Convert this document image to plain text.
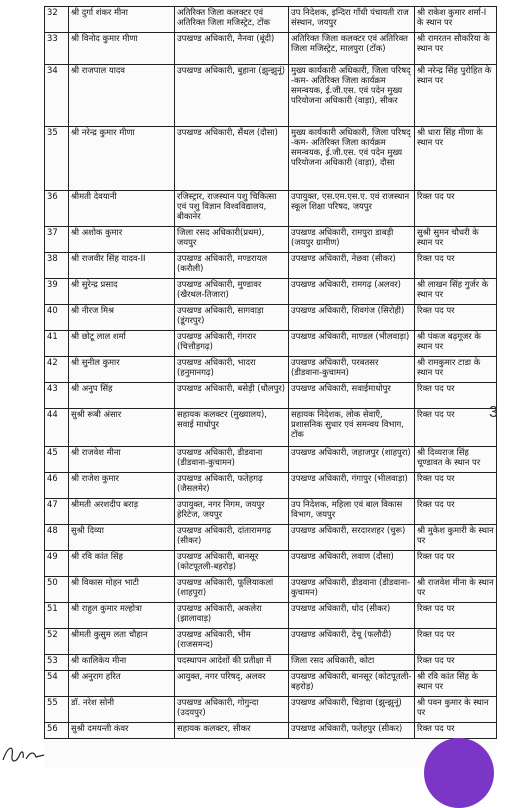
32	श्री दुर्गा शंकर मीना	अतिरिक्त जिला कलक्टर एवं अतिरिक्त जिला मजिस्ट्रेट, टोंक	उप निदेशक, इन्दिरा गाँधी पंचायती राज संस्थान, जयपुर	श्री राकेश कुमार शर्मा-I के स्थान पर
33	श्री विनोद कुमार मीणा	उपखण्ड अधिकारी, नैनवा (बूंदी)	अतिरिक्त जिला कलक्टर एवं अतिरिक्त जिला मजिस्ट्रेट, मालपुरा (टोंक)	श्री रामरतन सौकरिया के स्थान पर
34	श्री राजपाल यादव	उपखण्ड अधिकारी, बुहाना (झुन्झुनूं)	मुख्य कार्यकारी अधिकारी, जिला परिषद् -कम- अतिरिक्त जिला कार्यक्रम समन्वयक, ई.जी.एस. एवं पदेन मुख्य परियोजना अधिकारी (वाड़ा), सीकर	श्री नरेन्द्र सिंह पुरोहित के स्थान पर
35	श्री नरेन्द्र कुमार मीणा	उपखण्ड अधिकारी, सैंथल (दौसा)	मुख्य कार्यकारी अधिकारी, जिला परिषद् -कम- अतिरिक्त जिला कार्यक्रम समन्वयक, ई.जी.एस. एवं पदेन मुख्य परियोजना अधिकारी (वाड़ा), दौसा	श्री धारा सिंह मीणा के स्थान पर
36	श्रीमती देवयानी	रजिस्ट्रार, राजस्थान पशु चिकित्सा एवं पशु विज्ञान विश्वविद्यालय, बीकानेर	उपायुक्त, एस.एम.एस.ए. एवं राजस्थान स्कूल शिक्षा परिषद, जयपुर	रिक्त पद पर
37	श्री अशोक कुमार	जिला रसद अधिकारी(प्रथम), जयपुर	उपखण्ड अधिकारी, रामपुरा डाबड़ी (जयपुर ग्रामीण)	सुश्री सुमन चौधरी के स्थान पर
38	श्री राजवीर सिंह यादव-II	उपखण्ड अधिकारी, मण्डरायल (करौली)	उपखण्ड अधिकारी, नेछवा (सीकर)	रिक्त पद पर
39	श्री सुरेन्द्र प्रसाद	उपखण्ड अधिकारी, मुण्डावर (खैरथल-तिजारा)	उपखण्ड अधिकारी, रामगढ़ (अलवर)	श्री लाखन सिंह गुर्जर के स्थान पर
40	श्री नीरज मिश्र	उपखण्ड अधिकारी, सागवाड़ा (डूंगरपुर)	उपखण्ड अधिकारी, शिवगंज (सिरोही)	रिक्त पद पर
41	श्री छोटू लाल शर्मा	उपखण्ड अधिकारी, गंगरार (चित्तौड़गढ़)	उपखण्ड अधिकारी, माण्डल (भीलवाड़ा)	श्री पंकज बढ़गूजर के स्थान पर
42	श्री सुनील कुमार	उपखण्ड अधिकारी, भादरा (हनुमानगढ़)	उपखण्ड अधिकारी, परबतसर (डीडवाना-कुचामन)	श्री रामकुमार टाडा के स्थान पर
43	श्री अनुप सिंह	उपखण्ड अधिकारी, बसेड़ी (धौलपुर)	उपखण्ड अधिकारी, सवाईमाधोपुर	रिक्त पद पर
44	सुश्री रूबी अंसार	सहायक कलक्टर (मुख्यालय), सवाई माधोपुर	सहायक निदेशक, लोक सेवाएँ, प्रशासनिक सुधार एवं समन्वय विभाग, टोंक	रिक्त पद पर
45	श्री राजवेश मीना	उपखण्ड अधिकारी, डीडवाना (डीडवाना-कुचामन)	उपखण्ड अधिकारी, जहाजपुर (शाहपुरा)	श्री दिव्यराज सिंह चूण्डावत के स्थान पर
46	श्री राजेश कुमार	उपखण्ड अधिकारी, फतेहगढ़ (जैसलमेर)	उपखण्ड अधिकारी, गंगापुर (भीलवाड़ा)	रिक्त पद पर
47	श्रीमती अरशदीप बराड़	उपायुक्त, नगर निगम, जयपुर हेरिटेज, जयपुर	उप निदेशक, महिला एवं बाल विकास विभाग, जयपुर	रिक्त पद पर
48	सुश्री दिव्या	उपखण्ड अधिकारी, दांतारामगढ़ (सीकर)	उपखण्ड अधिकारी, सरदारशहर (चुरू)	श्री मुकेश कुमारी के स्थान पर
49	श्री रवि कांत सिंह	उपखण्ड अधिकारी, बानसूर (कोटपूतली-बहरोड़)	उपखण्ड अधिकारी, लवाण (दौसा)	रिक्त पद पर
50	श्री विकास मोहन भाटी	उपखण्ड अधिकारी, फूलियाकलां (शाहपुरा)	उपखण्ड अधिकारी, डीडवाना (डीडवाना-कुचामन)	श्री राजवेश मीना के स्थान पर
51	श्री राहुल कुमार मल्होत्रा	उपखण्ड अधिकारी, अकलेरा (झालावाड़)	उपखण्ड अधिकारी, धोद (सीकर)	रिक्त पद पर
52	श्रीमती कुसुम लता चौहान	उपखण्ड अधिकारी, भीम (राजसमन्द)	उपखण्ड अधिकारी, देचू (फलौदी)	रिक्त पद पर
53	श्री कालिकेय मीना	पदस्थापन आदेशों की प्रतीक्षा में	जिला रसद अधिकारी, कोटा	रिक्त पद पर
54	श्री अनुराग हरित	आयुक्त, नगर परिषद्, अलवर	उपखण्ड अधिकारी, बानसूर (कोटपूतली-बहरोड़)	श्री रवि कांत सिंह के स्थान पर
55	डॉ. नरेश सोनी	उपखण्ड अधिकारी, गोगुन्दा (उदयपुर)	उपखण्ड अधिकारी, चिड़ावा (झुन्झुनूं)	श्री पवन कुमार के स्थान पर
56	सुश्री दमयन्ती कंवर	सहायक कलक्टर, सीकर	उपखण्ड अधिकारी, फतेहपुर (सीकर)	रिक्त पद पर
3
